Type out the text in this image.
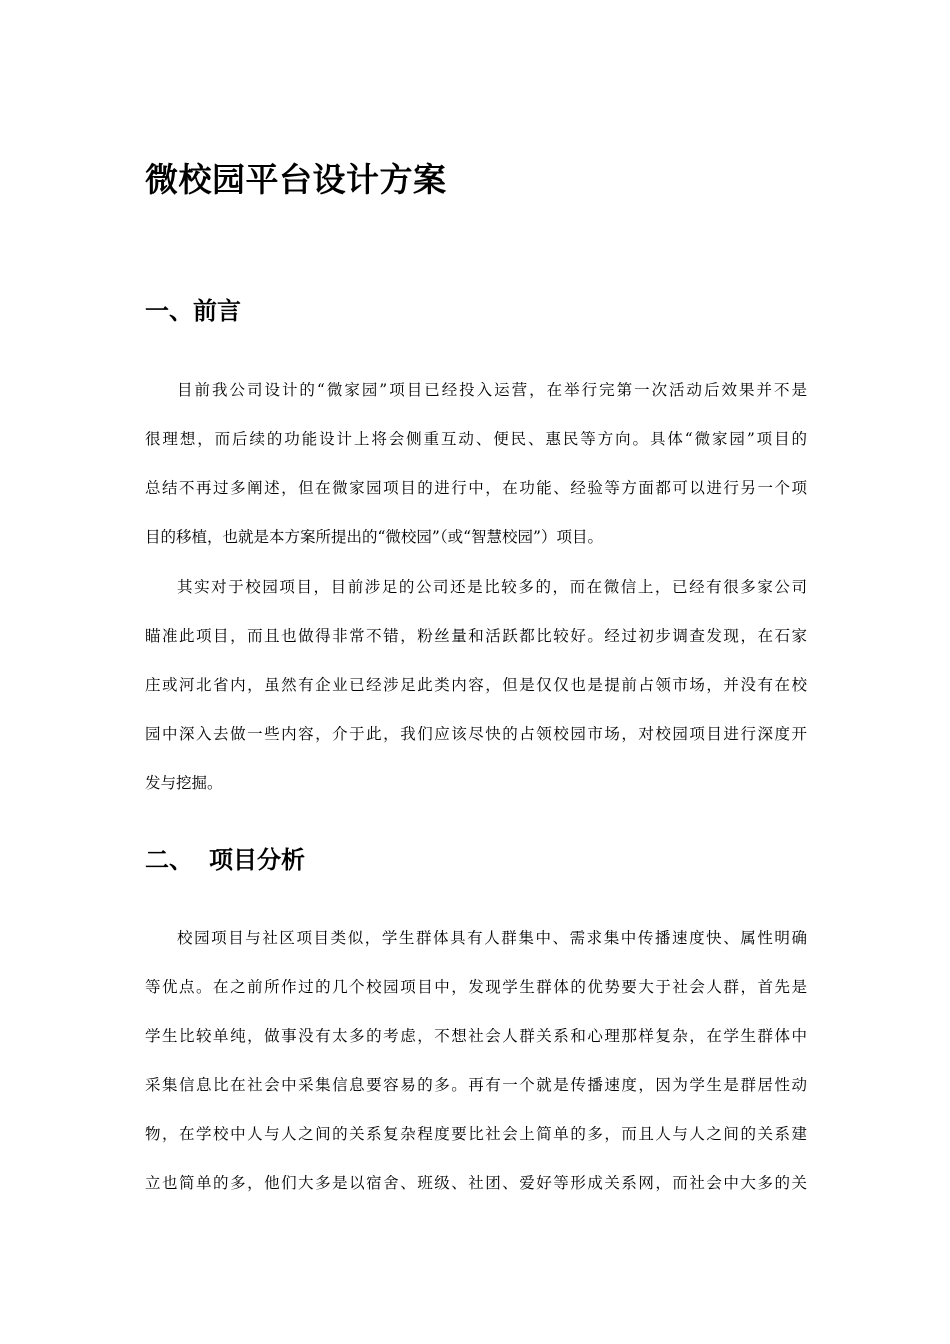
微校园平台设计方案
一、前言
目前我公司设计的“微家园”项目已经投入运营，在举行完第一次活动后效果并不是
很理想，而后续的功能设计上将会侧重互动、便民、惠民等方向。具体“微家园”项目的
总结不再过多阐述，但在微家园项目的进行中，在功能、经验等方面都可以进行另一个项
目的移植，也就是本方案所提出的“微校园”（或“智慧校园”）项目。
其实对于校园项目，目前涉足的公司还是比较多的，而在微信上，已经有很多家公司
瞄准此项目，而且也做得非常不错，粉丝量和活跃都比较好。经过初步调查发现，在石家
庄或河北省内，虽然有企业已经涉足此类内容，但是仅仅也是提前占领市场，并没有在校
园中深入去做一些内容，介于此，我们应该尽快的占领校园市场，对校园项目进行深度开
发与挖掘。
二、 项目分析
校园项目与社区项目类似，学生群体具有人群集中、需求集中传播速度快、属性明确
等优点。在之前所作过的几个校园项目中，发现学生群体的优势要大于社会人群，首先是
学生比较单纯，做事没有太多的考虑，不想社会人群关系和心理那样复杂，在学生群体中
采集信息比在社会中采集信息要容易的多。再有一个就是传播速度，因为学生是群居性动
物，在学校中人与人之间的关系复杂程度要比社会上简单的多，而且人与人之间的关系建
立也简单的多，他们大多是以宿舍、班级、社团、爱好等形成关系网，而社会中大多的关
